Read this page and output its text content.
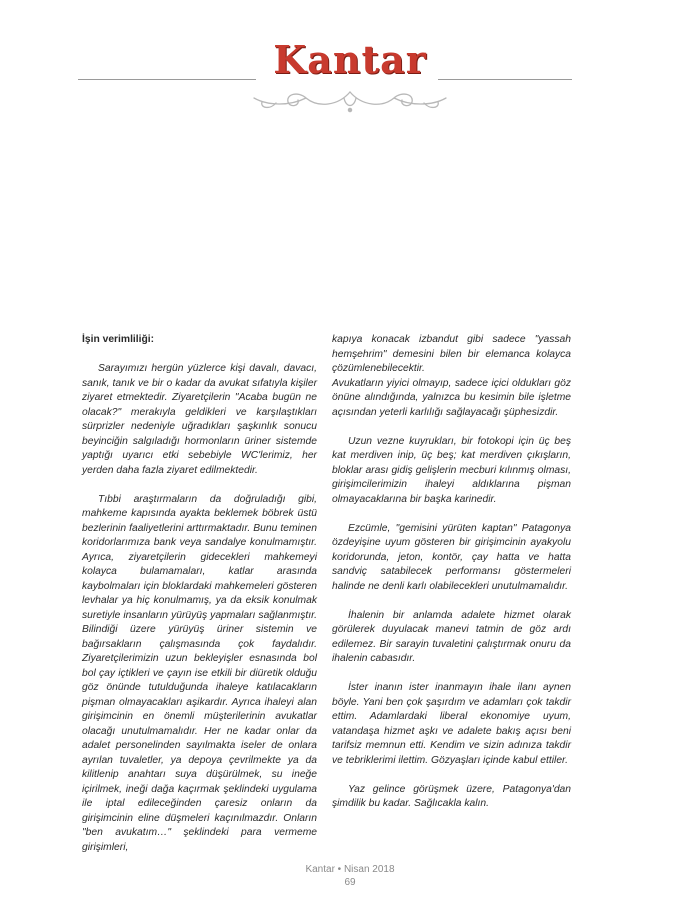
Kantar

İşin verimliliği:

Sarayımızı hergün yüzlerce kişi davalı, davacı, sanık, tanık ve bir o kadar da avukat sıfatıyla kişiler ziyaret etmektedir. Ziyaretçilerin "Acaba bugün ne olacak?" merakıyla geldikleri ve karşılaştıkları sürprizler nedeniyle uğradıkları şaşkınlık sonucu beyinciğin salgıladığı hormonların üriner sistemde yaptığı uyarıcı etki sebebiyle WC'lerimiz, her yerden daha fazla ziyaret edilmektedir.

Tıbbi araştırmaların da doğruladığı gibi, mahkeme kapısında ayakta beklemek böbrek üstü bezlerinin faaliyetlerini arttırmaktadır. Bunu teminen koridorlarımıza bank veya sandalye konulmamıştır. Ayrıca, ziyaretçilerin gidecekleri mahkemeyi kolayca bulamamaları, katlar arasında kaybolmaları için bloklardaki mahkemeleri gösteren levhalar ya hiç konulmamış, ya da eksik konulmak suretiyle insanların yürüyüş yapmaları sağlanmıştır. Bilindiği üzere yürüyüş üriner sistemin ve bağırsakların çalışmasında çok faydalıdır. Ziyaretçilerimizin uzun bekleyişler esnasında bol bol çay içtikleri ve çayın ise etkili bir diüretik olduğu göz önünde tutulduğunda ihaleye katılacakların pişman olmayacakları aşikardır. Ayrıca ihaleyi alan girişimcinin en önemli müşterilerinin avukatlar olacağı unutulmamalıdır. Her ne kadar onlar da adalet personelinden sayılmakta iseler de onlara ayrılan tuvaletler, ya depoya çevrilmekte ya da kilitlenip anahtarı suya düşürülmek, su ineğe içirilmek, ineği dağa kaçırmak şeklindeki uygulama ile iptal edileceğinden çaresiz onların da girişimcinin eline düşmeleri kaçınılmazdır. Onların "ben avukatım…" şeklindeki para vermeme girişimleri,

kapıya konacak izbandut gibi sadece "yassah hemşehrim" demesini bilen bir elemanca kolayca çözümlenebilecektir.

Avukatların yiyici olmayıp, sadece içici oldukları göz önüne alındığında, yalnızca bu kesimin bile işletme açısından yeterli karlılığı sağlayacağı şüphesizdir.

Uzun vezne kuyrukları, bir fotokopi için üç beş kat merdiven inip, üç beş; kat merdiven çıkışların, bloklar arası gidiş gelişlerin mecburi kılınmış olması, girişimcilerimizin ihaleyi aldıklarına pişman olmayacaklarına bir başka karinedir.

Ezcümle, "gemisini yürüten kaptan" Patagonya özdeyişine uyum gösteren bir girişimcinin ayakyolu koridorunda, jeton, kontör, çay hatta ve hatta sandviç satabilecek performansı göstermeleri halinde ne denli karlı olabilecekleri unutulmamalıdır.

İhalenin bir anlamda adalete hizmet olarak görülerek duyulacak manevi tatmin de göz ardı edilemez. Bir sarayin tuvaletini çalıştırmak onuru da ihalenin cabasıdır.

İster inanın ister inanmayın ihale ilanı aynen böyle. Yani ben çok şaşırdım ve adamları çok takdir ettim. Adamlardaki liberal ekonomiye uyum, vatandaşa hizmet aşkı ve adalete bakış açısı beni tarifsiz memnun etti. Kendim ve sizin adınıza takdir ve tebriklerimi ilettim. Gözyaşları içinde kabul ettiler.

Yaz gelince görüşmek üzere, Patagonya'dan şimdilik bu kadar. Sağlıcakla kalın.

Kantar • Nisan 2018
69
